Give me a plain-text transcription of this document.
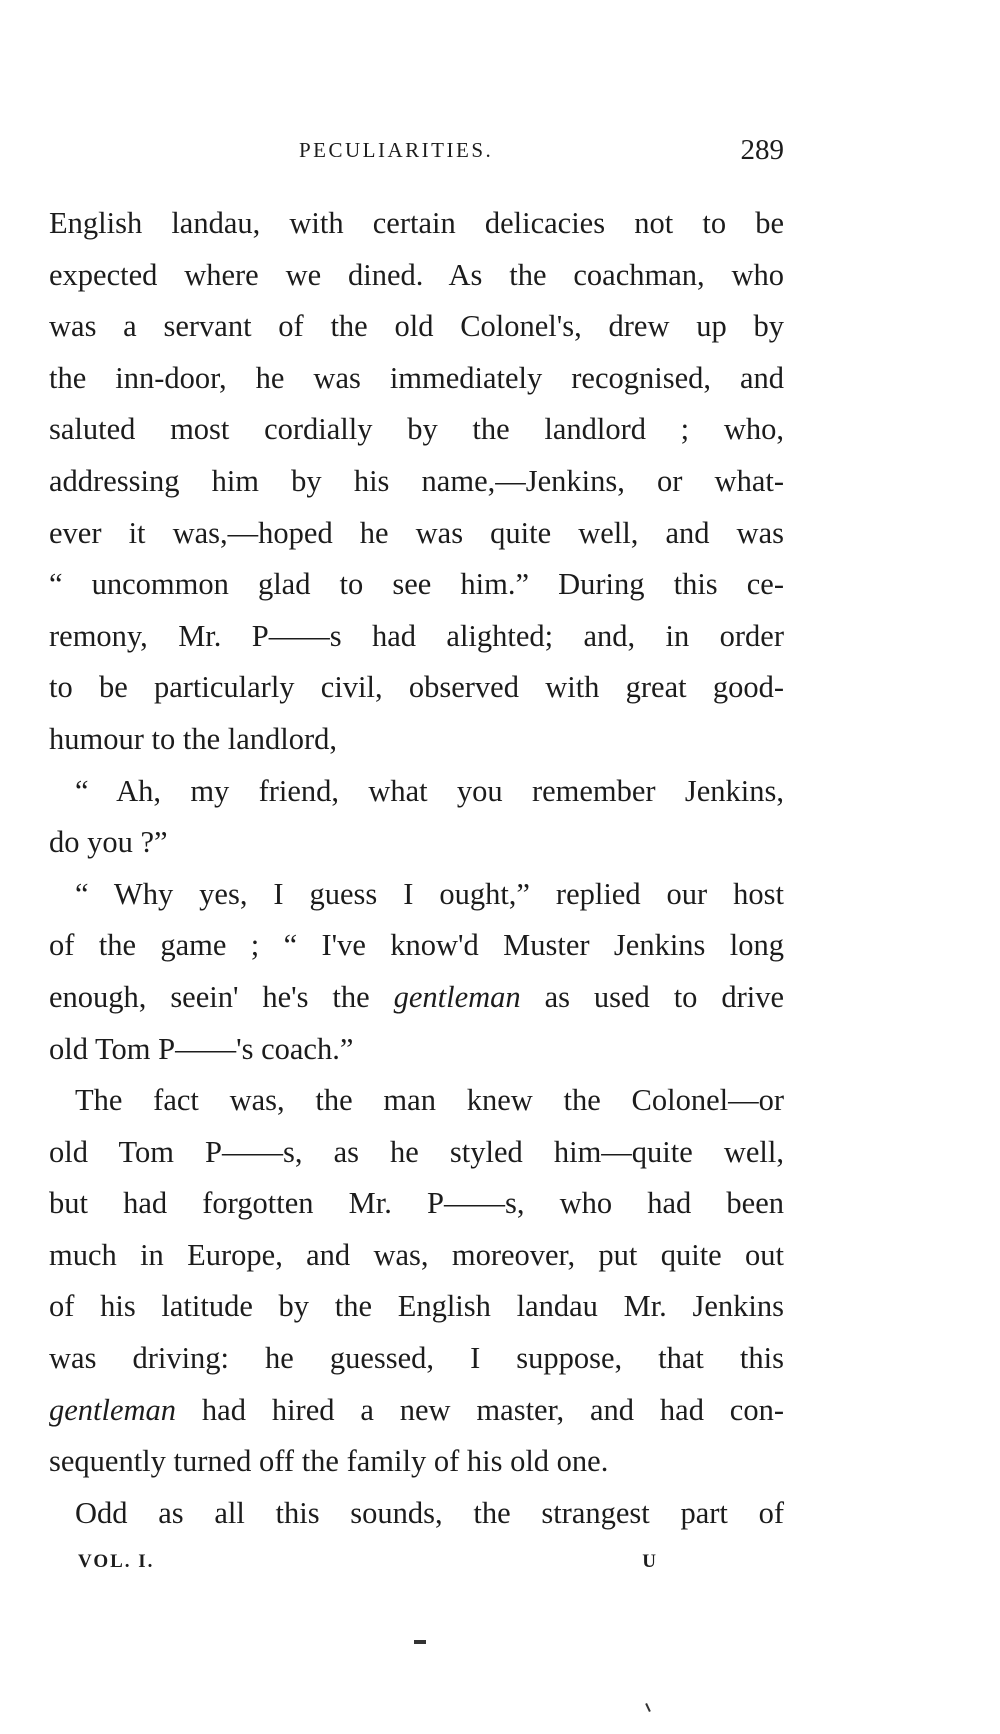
PECULIARITIES.	289
English landau, with certain delicacies not to be
expected where we dined. As the coachman, who
was a servant of the old Colonel's, drew up by
the inn-door, he was immediately recognised, and
saluted most cordially by the landlord ; who,
addressing him by his name,—Jenkins, or what-
ever it was,—hoped he was quite well, and was
“ uncommon glad to see him.” During this ce-
remony, Mr. P——s had alighted; and, in order
to be particularly civil, observed with great good-
humour to the landlord,
“ Ah, my friend, what you remember Jenkins,
do you ?”
“ Why yes, I guess I ought,” replied our host
of the game ; “ I've know'd Muster Jenkins long
enough, seein' he's the gentleman as used to drive
old Tom P——'s coach.”
The fact was, the man knew the Colonel—or
old Tom P——s, as he styled him—quite well,
but had forgotten Mr. P——s, who had been
much in Europe, and was, moreover, put quite out
of his latitude by the English landau Mr. Jenkins
was driving: he guessed, I suppose, that this
gentleman had hired a new master, and had con-
sequently turned off the family of his old one.
Odd as all this sounds, the strangest part of
VOL. I.	U
